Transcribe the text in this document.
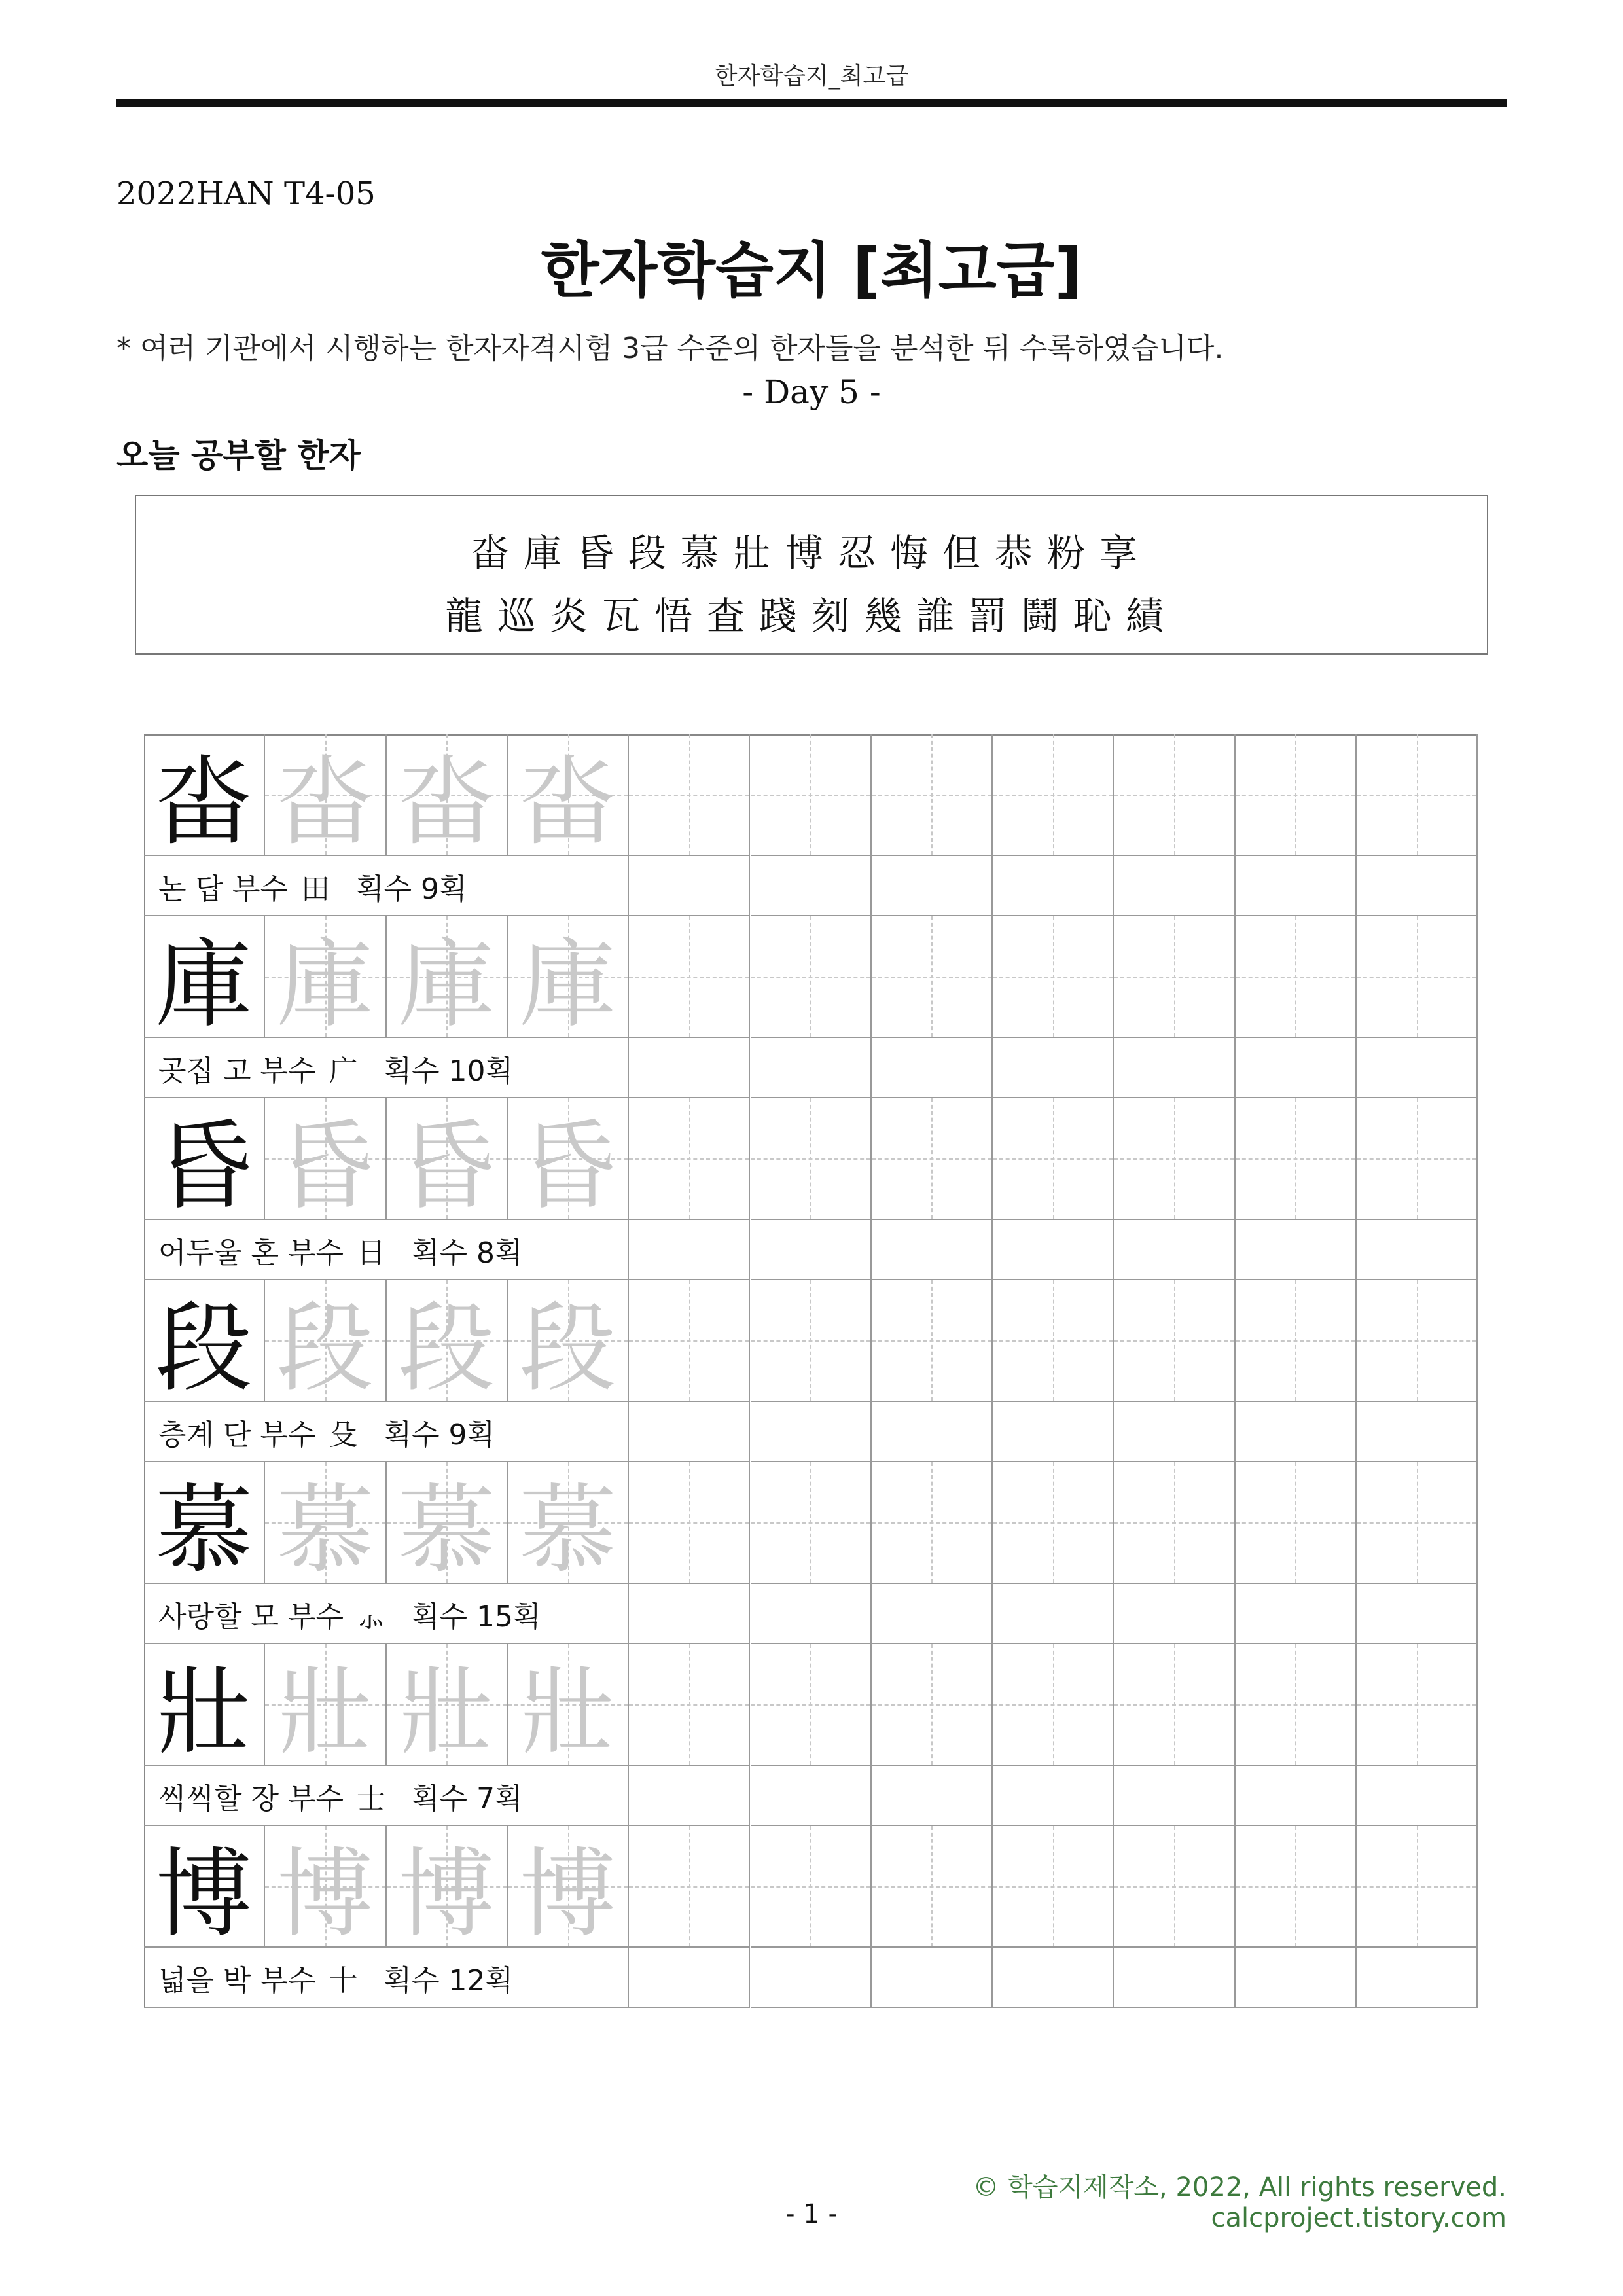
한자학습지_최고급
2022HAN T4-05
한자학습지 [최고급]
* 여러 기관에서 시행하는 한자자격시험 3급 수준의 한자들을 분석한 뒤 수록하였습니다.
- Day 5 -
오늘 공부할 한자
畓庫昏段慕壯博忍悔但恭粉享
龍巡炎瓦悟査踐刻幾誰罰鬪恥績
畓 畓 畓 畓
논 답 부수 田 획수 9획
庫 庫 庫 庫
곳집 고 부수 广 획수 10획
昏 昏 昏 昏
어두울 혼 부수 日 획수 8획
段 段 段 段
층계 단 부수 殳 획수 9획
慕 慕 慕 慕
사랑할 모 부수 ⺗ 획수 15획
壯 壯 壯 壯
씩씩할 장 부수 士 획수 7획
博 博 博 博
넓을 박 부수 十 획수 12획
© 학습지제작소, 2022, All rights reserved.
calcproject.tistory.com
- 1 -
